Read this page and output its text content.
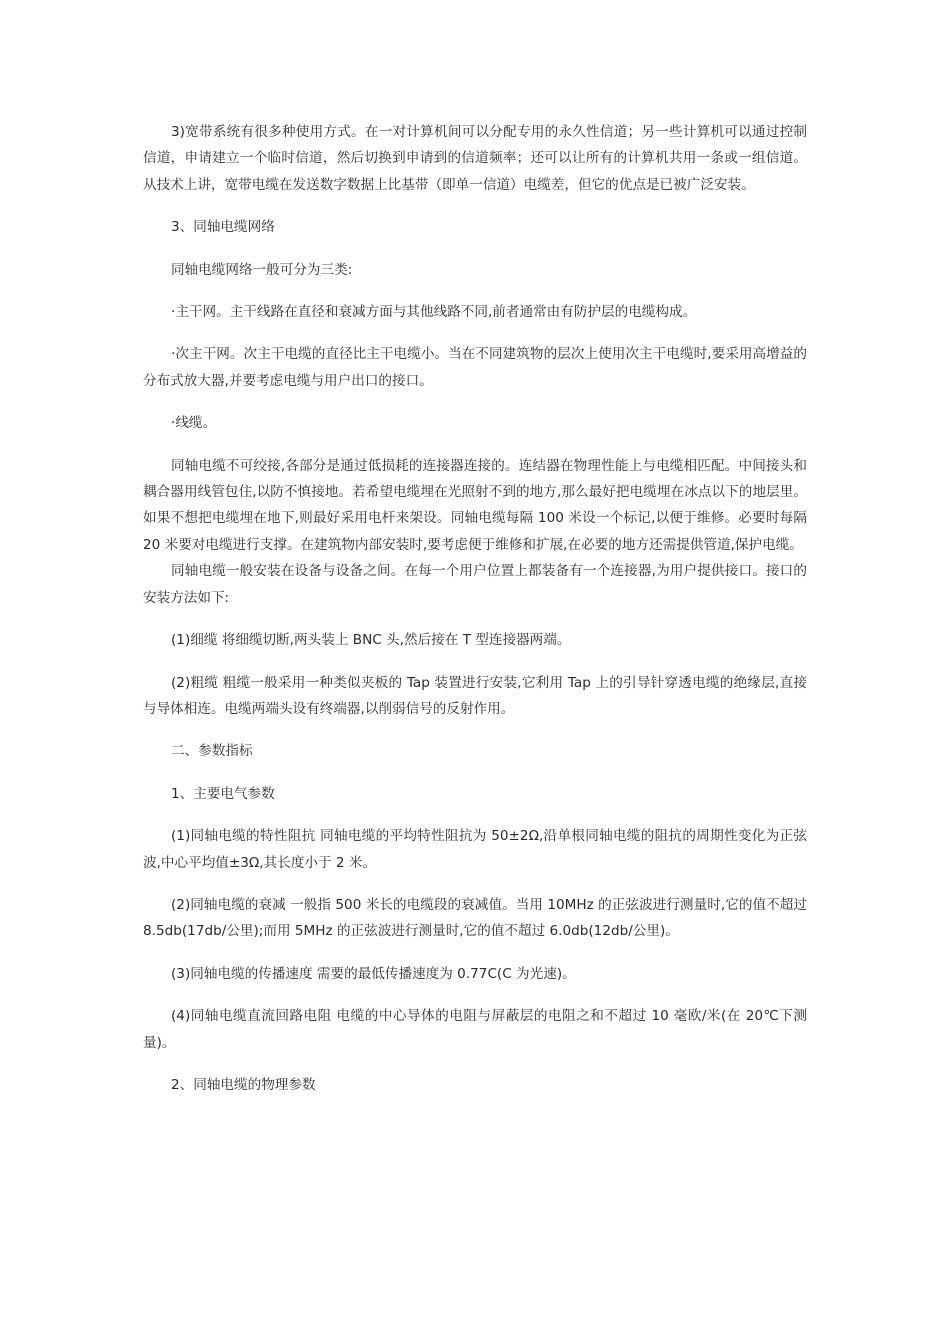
3)宽带系统有很多种使用方式。在一对计算机间可以分配专用的永久性信道；另一些计算机可以通过控制信道，申请建立一个临时信道，然后切换到申请到的信道频率；还可以让所有的计算机共用一条或一组信道。从技术上讲，宽带电缆在发送数字数据上比基带（即单一信道）电缆差，但它的优点是已被广泛安装。

3、同轴电缆网络

同轴电缆网络一般可分为三类:

·主干网。主干线路在直径和衰减方面与其他线路不同,前者通常由有防护层的电缆构成。

·次主干网。次主干电缆的直径比主干电缆小。当在不同建筑物的层次上使用次主干电缆时,要采用高增益的分布式放大器,并要考虑电缆与用户出口的接口。

·线缆。

同轴电缆不可绞接,各部分是通过低损耗的连接器连接的。连结器在物理性能上与电缆相匹配。中间接头和耦合器用线管包住,以防不慎接地。若希望电缆埋在光照射不到的地方,那么最好把电缆埋在冰点以下的地层里。如果不想把电缆埋在地下,则最好采用电杆来架设。同轴电缆每隔 100 米设一个标记,以便于维修。必要时每隔 20 米要对电缆进行支撑。在建筑物内部安装时,要考虑便于维修和扩展,在必要的地方还需提供管道,保护电缆。

同轴电缆一般安装在设备与设备之间。在每一个用户位置上都装备有一个连接器,为用户提供接口。接口的安装方法如下:

(1)细缆 将细缆切断,两头装上 BNC 头,然后接在 T 型连接器两端。

(2)粗缆 粗缆一般采用一种类似夹板的 Tap 装置进行安装,它利用 Tap 上的引导针穿透电缆的绝缘层,直接与导体相连。电缆两端头设有终端器,以削弱信号的反射作用。

二、参数指标

1、主要电气参数

(1)同轴电缆的特性阻抗 同轴电缆的平均特性阻抗为 50±2Ω,沿单根同轴电缆的阻抗的周期性变化为正弦波,中心平均值±3Ω,其长度小于 2 米。

(2)同轴电缆的衰减 一般指 500 米长的电缆段的衰减值。当用 10MHz 的正弦波进行测量时,它的值不超过 8.5db(17db/公里);而用 5MHz 的正弦波进行测量时,它的值不超过 6.0db(12db/公里)。

(3)同轴电缆的传播速度 需要的最低传播速度为 0.77C(C 为光速)。

(4)同轴电缆直流回路电阻 电缆的中心导体的电阻与屏蔽层的电阻之和不超过 10 毫欧/米(在 20℃下测量)。

2、同轴电缆的物理参数
